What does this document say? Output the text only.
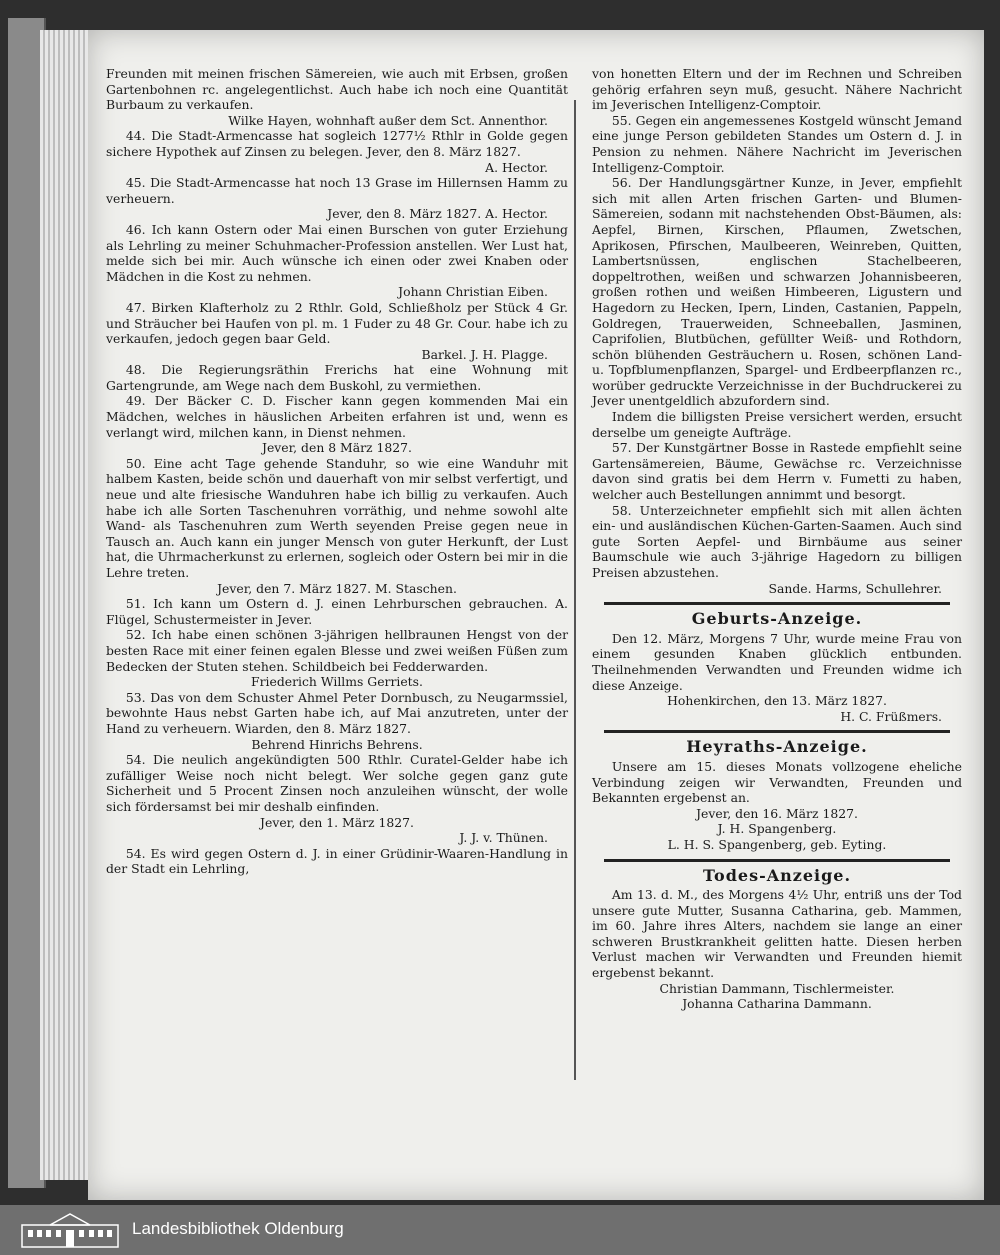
Freunden mit meinen frischen Sämereien, wie auch mit Erbsen, großen Gartenbohnen rc. angelegentlichst. Auch habe ich noch eine Quantität Burbaum zu verkaufen.

Wilke Hayen, wohnhaft außer dem Sct. Annenthor.

44. Die Stadt-Armencasse hat sogleich 1277½ Rthlr in Golde gegen sichere Hypothek auf Zinsen zu belegen. Jever, den 8. März 1827.

A. Hector.

45. Die Stadt-Armencasse hat noch 13 Grase im Hillernsen Hamm zu verheuern.

Jever, den 8. März 1827. A. Hector.

46. Ich kann Ostern oder Mai einen Burschen von guter Erziehung als Lehrling zu meiner Schuhmacher-Profession anstellen. Wer Lust hat, melde sich bei mir. Auch wünsche ich einen oder zwei Knaben oder Mädchen in die Kost zu nehmen.

Johann Christian Eiben.

47. Birken Klafterholz zu 2 Rthlr. Gold, Schließholz per Stück 4 Gr. und Sträucher bei Haufen von pl. m. 1 Fuder zu 48 Gr. Cour. habe ich zu verkaufen, jedoch gegen baar Geld.

Barkel. J. H. Plagge.

48. Die Regierungsräthin Frerichs hat eine Wohnung mit Gartengrunde, am Wege nach dem Buskohl, zu vermiethen.

49. Der Bäcker C. D. Fischer kann gegen kommenden Mai ein Mädchen, welches in häuslichen Arbeiten erfahren ist und, wenn es verlangt wird, milchen kann, in Dienst nehmen.

Jever, den 8 März 1827.

50. Eine acht Tage gehende Standuhr, so wie eine Wanduhr mit halbem Kasten, beide schön und dauerhaft von mir selbst verfertigt, und neue und alte friesische Wanduhren habe ich billig zu verkaufen. Auch habe ich alle Sorten Taschenuhren vorräthig, und nehme sowohl alte Wand- als Taschenuhren zum Werth seyenden Preise gegen neue in Tausch an. Auch kann ein junger Mensch von guter Herkunft, der Lust hat, die Uhrmacherkunst zu erlernen, sogleich oder Ostern bei mir in die Lehre treten.

Jever, den 7. März 1827. M. Staschen.

51. Ich kann um Ostern d. J. einen Lehrburschen gebrauchen. A. Flügel, Schustermeister in Jever.

52. Ich habe einen schönen 3-jährigen hellbraunen Hengst von der besten Race mit einer feinen egalen Blesse und zwei weißen Füßen zum Bedecken der Stuten stehen. Schildbeich bei Fedderwarden.

Friederich Willms Gerriets.

53. Das von dem Schuster Ahmel Peter Dornbusch, zu Neugarmssiel, bewohnte Haus nebst Garten habe ich, auf Mai anzutreten, unter der Hand zu verheuern. Wiarden, den 8. März 1827.

Behrend Hinrichs Behrens.

54. Die neulich angekündigten 500 Rthlr. Curatel-Gelder habe ich zufälliger Weise noch nicht belegt. Wer solche gegen ganz gute Sicherheit und 5 Procent Zinsen noch anzuleihen wünscht, der wolle sich fördersamst bei mir deshalb einfinden.

Jever, den 1. März 1827.

J. J. v. Thünen.

54. Es wird gegen Ostern d. J. in einer Grüdinir-Waaren-Handlung in der Stadt ein Lehrling,

von honetten Eltern und der im Rechnen und Schreiben gehörig erfahren seyn muß, gesucht. Nähere Nachricht im Jeverischen Intelligenz-Comptoir.

55. Gegen ein angemessenes Kostgeld wünscht Jemand eine junge Person gebildeten Standes um Ostern d. J. in Pension zu nehmen. Nähere Nachricht im Jeverischen Intelligenz-Comptoir.

56. Der Handlungsgärtner Kunze, in Jever, empfiehlt sich mit allen Arten frischen Garten- und Blumen-Sämereien, sodann mit nachstehenden Obst-Bäumen, als: Aepfel, Birnen, Kirschen, Pflaumen, Zwetschen, Aprikosen, Pfirschen, Maulbeeren, Weinreben, Quitten, Lambertsnüssen, englischen Stachelbeeren, doppeltrothen, weißen und schwarzen Johannisbeeren, großen rothen und weißen Himbeeren, Ligustern und Hagedorn zu Hecken, Ipern, Linden, Castanien, Pappeln, Goldregen, Trauerweiden, Schneeballen, Jasminen, Caprifolien, Blutbüchen, gefüllter Weiß- und Rothdorn, schön blühenden Gesträuchern u. Rosen, schönen Land- u. Topfblumenpflanzen, Spargel- und Erdbeerpflanzen rc., worüber gedruckte Verzeichnisse in der Buchdruckerei zu Jever unentgeldlich abzufordern sind.

Indem die billigsten Preise versichert werden, ersucht derselbe um geneigte Aufträge.

57. Der Kunstgärtner Bosse in Rastede empfiehlt seine Gartensämereien, Bäume, Gewächse rc. Verzeichnisse davon sind gratis bei dem Herrn v. Fumetti zu haben, welcher auch Bestellungen annimmt und besorgt.

58. Unterzeichneter empfiehlt sich mit allen ächten ein- und ausländischen Küchen-Garten-Saamen. Auch sind gute Sorten Aepfel- und Birnbäume aus seiner Baumschule wie auch 3-jährige Hagedorn zu billigen Preisen abzustehen.

Sande. Harms, Schullehrer.

Geburts-Anzeige.

Den 12. März, Morgens 7 Uhr, wurde meine Frau von einem gesunden Knaben glücklich entbunden. Theilnehmenden Verwandten und Freunden widme ich diese Anzeige.

Hohenkirchen, den 13. März 1827.

H. C. Früßmers.

Heyraths-Anzeige.

Unsere am 15. dieses Monats vollzogene eheliche Verbindung zeigen wir Verwandten, Freunden und Bekannten ergebenst an.

Jever, den 16. März 1827.

J. H. Spangenberg.

L. H. S. Spangenberg, geb. Eyting.

Todes-Anzeige.

Am 13. d. M., des Morgens 4½ Uhr, entriß uns der Tod unsere gute Mutter, Susanna Catharina, geb. Mammen, im 60. Jahre ihres Alters, nachdem sie lange an einer schweren Brustkrankheit gelitten hatte. Diesen herben Verlust machen wir Verwandten und Freunden hiemit ergebenst bekannt.

Christian Dammann, Tischlermeister.

Johanna Catharina Dammann.

Landesbibliothek Oldenburg
